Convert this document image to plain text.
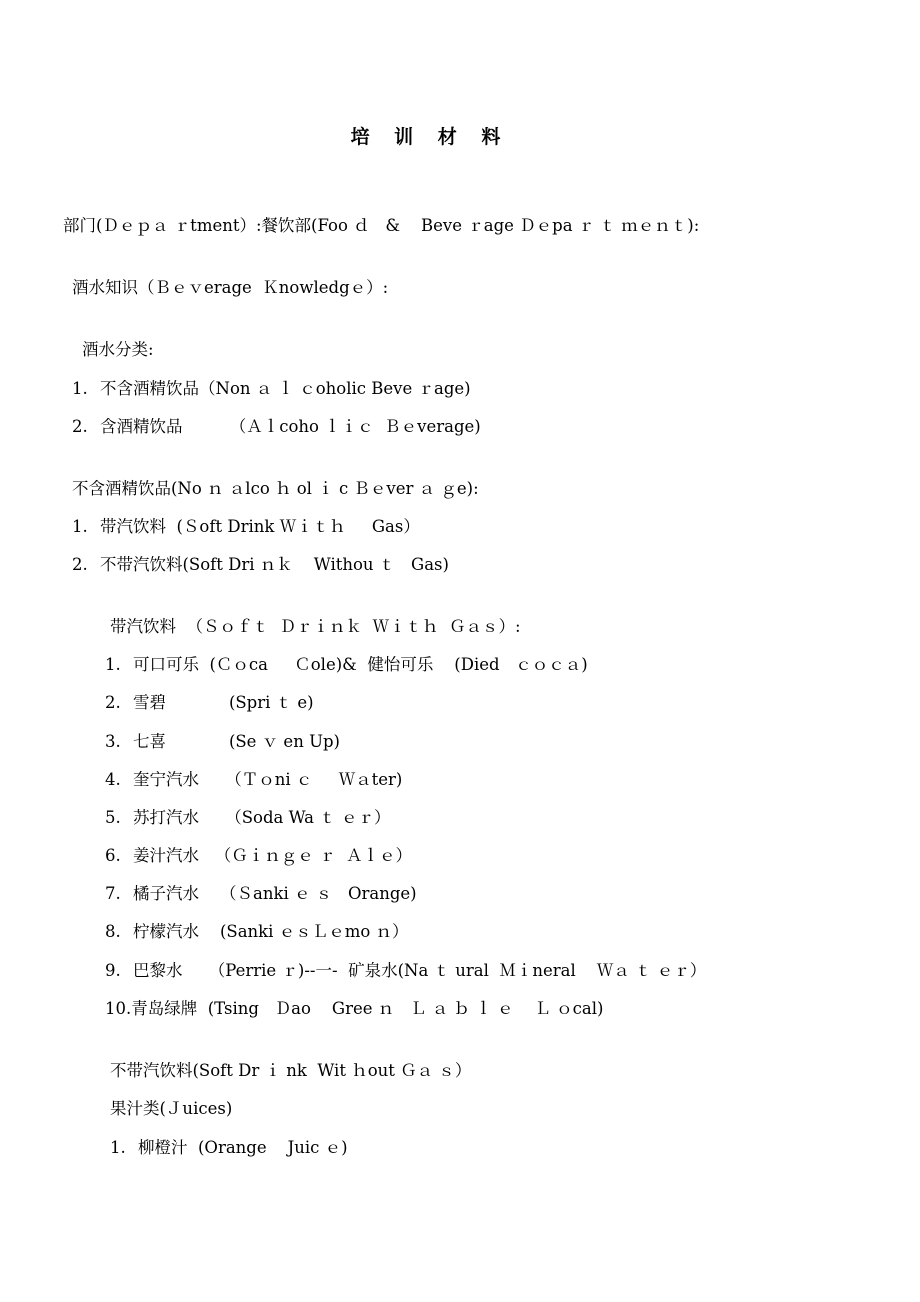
培 训 材 料
部门(Ｄｅｐａ ｒtment）:餐饮部(Foo ｄ   &    Beve ｒage Ｄｅpa ｒ ｔ ｍｅｎｔ):
酒水知识（Ｂｅｖerage  Ｋnowledgｅ）:
酒水分类:
1. 不含酒精饮品（Non ａ ｌ ｃoholic Beve ｒage)
2. 含酒精饮品         （Ａｌcoho ｌｉｃ  Ｂｅverage)
不含酒精饮品(No ｎ ａlco ｈ ol ｉ c Ｂｅver ａ ｇe):
1. 带汽饮料  (Ｓoft Drink Ｗｉｔｈ     Gas）
2. 不带汽饮料(Soft Dri ｎｋ    Withou ｔ   Gas)
带汽饮料  （Ｓｏｆｔ  Ｄｒｉｎｋ  Ｗｉｔｈ  Ｇａｓ）:
1. 可口可乐  (Ｃｏca     Ｃole)&  健怡可乐    (Died   ｃｏｃａ)
2. 雪碧            (Spri ｔ e)
3. 七喜            (Se ｖ en Up)
4. 奎宁汽水     （Ｔｏni ｃ     Ｗａter)
5. 苏打汽水     （Soda Wa ｔ ｅｒ）
6. 姜汁汽水   （Ｇｉｎｇｅ ｒ  Ａｌｅ）
7. 橘子汽水    （Ｓanki ｅ ｓ   Orange)
8. 柠檬汽水    (Sanki ｅｓＬｅmo ｎ）
9. 巴黎水     （Perrie ｒ)--一-  矿泉水(Na ｔ ural  Ｍｉneral    Ｗａ ｔ ｅｒ）
10.青岛绿牌  (Tsing   Ｄao    Gree ｎ   Ｌ ａ ｂ ｌ ｅ    Ｌ ｏcal)
不带汽饮料(Soft Dr ｉ nk  Wit ｈout Ｇａ ｓ）
果汁类(Ｊuices)
1. 柳橙汁  (Orange    Juic ｅ)
